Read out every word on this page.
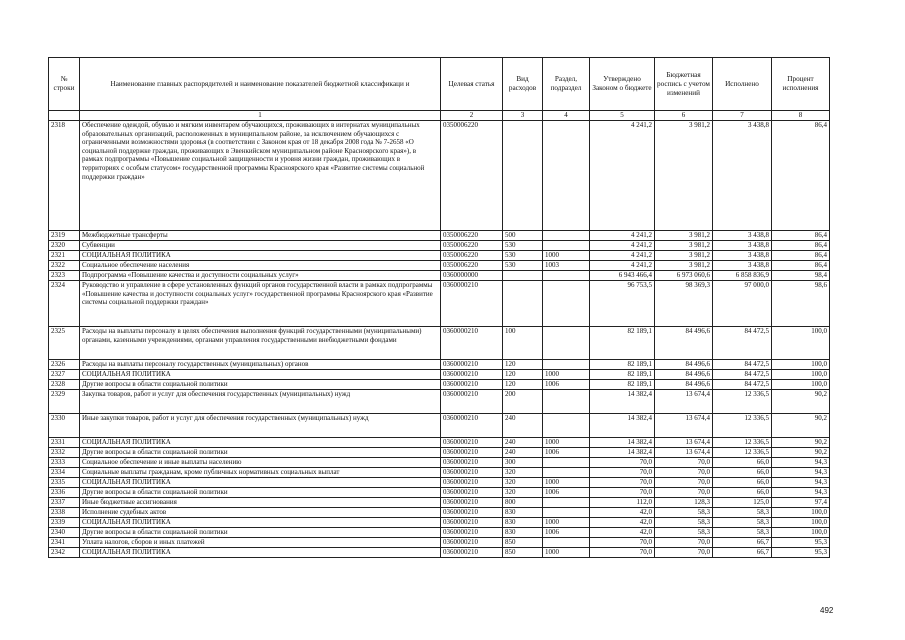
№ строки	Наименование главных распорядителей и наименование показателей бюджетной классификаци и	Целевая статья	Вид расходов	Раздел, подраздел	Утверждено Законом о бюджете	Бюджетная роспись с учетом изменений	Исполнено	Процент исполнения
	1	2	3	4	5	6	7	8
2318	Обеспечение одеждой, обувью и мягким инвентарем обучающихся, проживающих в интернатах муниципальных образовательных организаций, расположенных в муниципальном районе, за исключением обучающихся с ограниченными возможностями здоровья (в соответствии с Законом края от 18 декабря 2008 года № 7-2658 «О социальной поддержке граждан, проживающих в Эвенкийском муниципальном районе Красноярского края»), в рамках подпрограммы «Повышение социальной защищенности и уровня жизни граждан, проживающих в территориях с особым статусом» государственной программы Красноярского края «Развитие системы социальной поддержки граждан»	0350006220			4 241,2	3 981,2	3 438,8	86,4
2319	Межбюджетные трансферты	0350006220	500		4 241,2	3 981,2	3 438,8	86,4
2320	Субвенции	0350006220	530		4 241,2	3 981,2	3 438,8	86,4
2321	СОЦИАЛЬНАЯ ПОЛИТИКА	0350006220	530	1000	4 241,2	3 981,2	3 438,8	86,4
2322	Социальное обеспечение населения	0350006220	530	1003	4 241,2	3 981,2	3 438,8	86,4
2323	Подпрограмма «Повышение качества и доступности социальных услуг»	0360000000			6 943 466,4	6 973 060,6	6 858 836,9	98,4
2324	Руководство и управление в сфере установленных функций органов государственной власти в рамках подпрограммы «Повышение качества и доступности социальных услуг» государственной программы Красноярского края «Развитие системы социальной поддержки граждан»	0360000210			96 753,5	98 369,3	97 000,0	98,6
2325	Расходы на выплаты персоналу в целях обеспечения выполнения функций государственными (муниципальными) органами, казенными учреждениями, органами управления государственными внебюджетными фондами	0360000210	100		82 189,1	84 496,6	84 472,5	100,0
2326	Расходы на выплаты персоналу государственных (муниципальных) органов	0360000210	120		82 189,1	84 496,6	84 472,5	100,0
2327	СОЦИАЛЬНАЯ ПОЛИТИКА	0360000210	120	1000	82 189,1	84 496,6	84 472,5	100,0
2328	Другие вопросы в области социальной политики	0360000210	120	1006	82 189,1	84 496,6	84 472,5	100,0
2329	Закупка товаров, работ и услуг для обеспечения государственных (муниципальных) нужд	0360000210	200		14 382,4	13 674,4	12 336,5	90,2
2330	Иные закупки товаров, работ и услуг для обеспечения государственных (муниципальных) нужд	0360000210	240		14 382,4	13 674,4	12 336,5	90,2
2331	СОЦИАЛЬНАЯ ПОЛИТИКА	0360000210	240	1000	14 382,4	13 674,4	12 336,5	90,2
2332	Другие вопросы в области социальной политики	0360000210	240	1006	14 382,4	13 674,4	12 336,5	90,2
2333	Социальное обеспечение и иные выплаты населению	0360000210	300		70,0	70,0	66,0	94,3
2334	Социальные выплаты гражданам, кроме публичных нормативных социальных выплат	0360000210	320		70,0	70,0	66,0	94,3
2335	СОЦИАЛЬНАЯ ПОЛИТИКА	0360000210	320	1000	70,0	70,0	66,0	94,3
2336	Другие вопросы в области социальной политики	0360000210	320	1006	70,0	70,0	66,0	94,3
2337	Иные бюджетные ассигнования	0360000210	800		112,0	128,3	125,0	97,4
2338	Исполнение судебных актов	0360000210	830		42,0	58,3	58,3	100,0
2339	СОЦИАЛЬНАЯ ПОЛИТИКА	0360000210	830	1000	42,0	58,3	58,3	100,0
2340	Другие вопросы в области социальной политики	0360000210	830	1006	42,0	58,3	58,3	100,0
2341	Уплата налогов, сборов и иных платежей	0360000210	850		70,0	70,0	66,7	95,3
2342	СОЦИАЛЬНАЯ ПОЛИТИКА	0360000210	850	1000	70,0	70,0	66,7	95,3
492
